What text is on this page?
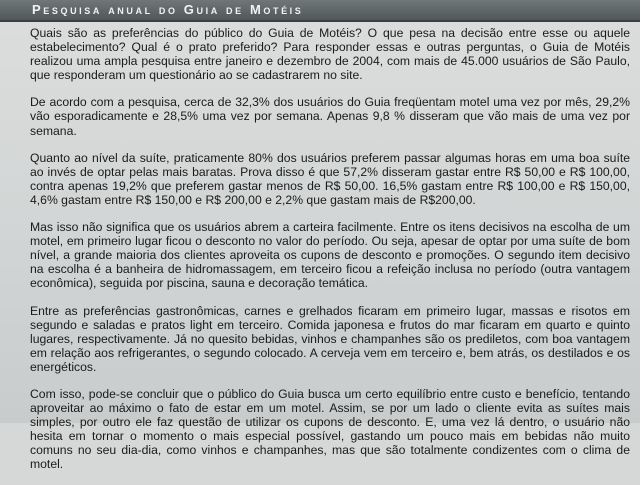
Pesquisa anual do Guia de Motéis

Quais são as preferências do público do Guia de Motéis? O que pesa na decisão entre esse ou aquele estabelecimento? Qual é o prato preferido? Para responder essas e outras perguntas, o Guia de Motéis realizou uma ampla pesquisa entre janeiro e dezembro de 2004, com mais de 45.000 usuários de São Paulo, que responderam um questionário ao se cadastrarem no site.

De acordo com a pesquisa, cerca de 32,3% dos usuários do Guia freqüentam motel uma vez por mês, 29,2% vão esporadicamente e 28,5% uma vez por semana. Apenas 9,8 % disseram que vão mais de uma vez por semana.

Quanto ao nível da suíte, praticamente 80% dos usuários preferem passar algumas horas em uma boa suíte ao invés de optar pelas mais baratas. Prova disso é que 57,2% disseram gastar entre R$ 50,00 e R$ 100,00, contra apenas 19,2% que preferem gastar menos de R$ 50,00. 16,5% gastam entre R$ 100,00 e R$ 150,00, 4,6% gastam entre R$ 150,00 e R$ 200,00 e 2,2% que gastam mais de R$200,00.

Mas isso não significa que os usuários abrem a carteira facilmente. Entre os itens decisivos na escolha de um motel, em primeiro lugar ficou o desconto no valor do período. Ou seja, apesar de optar por uma suíte de bom nível, a grande maioria dos clientes aproveita os cupons de desconto e promoções. O segundo item decisivo na escolha é a banheira de hidromassagem, em terceiro ficou a refeição inclusa no período (outra vantagem econômica), seguida por piscina, sauna e decoração temática.

Entre as preferências gastronômicas, carnes e grelhados ficaram em primeiro lugar, massas e risotos em segundo e saladas e pratos light em terceiro. Comida japonesa e frutos do mar ficaram em quarto e quinto lugares, respectivamente. Já no quesito bebidas, vinhos e champanhes são os prediletos, com boa vantagem em relação aos refrigerantes, o segundo colocado. A cerveja vem em terceiro e, bem atrás, os destilados e os energéticos.

Com isso, pode-se concluir que o público do Guia busca um certo equilíbrio entre custo e benefício, tentando aproveitar ao máximo o fato de estar em um motel. Assim, se por um lado o cliente evita as suítes mais simples, por outro ele faz questão de utilizar os cupons de desconto. E, uma vez lá dentro, o usuário não hesita em tornar o momento o mais especial possível, gastando um pouco mais em bebidas não muito comuns no seu dia-dia, como vinhos e champanhes, mas que são totalmente condizentes com o clima de motel.
